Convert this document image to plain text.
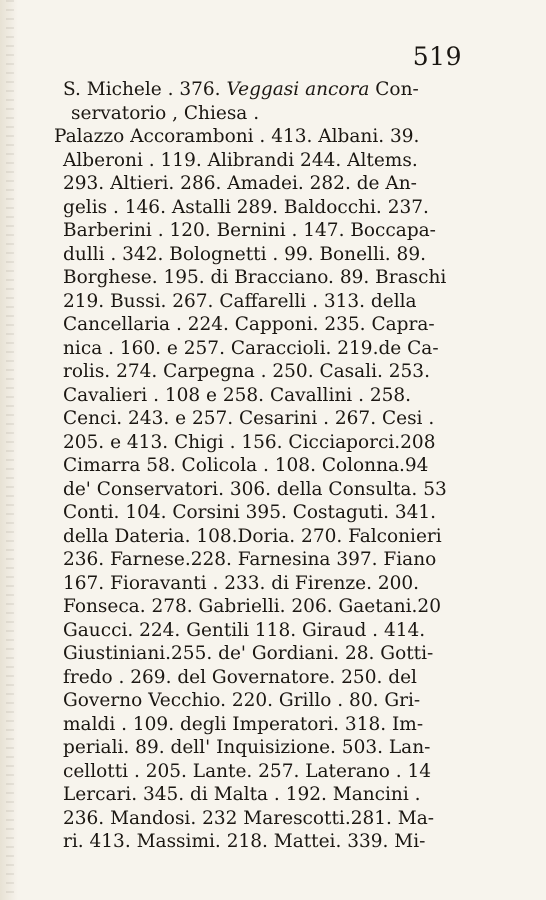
519
S. Michele . 376. Veggasi ancora Con-
servatorio , Chiesa .
Palazzo Accoramboni . 413. Albani. 39.
Alberoni . 119. Alibrandi 244. Altems.
293. Altieri. 286. Amadei. 282. de An-
gelis . 146. Astalli 289. Baldocchi. 237.
Barberini . 120. Bernini . 147. Boccapa-
dulli . 342. Bolognetti . 99. Bonelli. 89.
Borghese. 195. di Bracciano. 89. Braschi
219. Bussi. 267. Caffarelli . 313. della
Cancellaria . 224. Capponi. 235. Capra-
nica . 160. e 257. Caraccioli. 219.de Ca-
rolis. 274. Carpegna . 250. Casali. 253.
Cavalieri . 108 e 258. Cavallini . 258.
Cenci. 243. e 257. Cesarini . 267. Cesi .
205. e 413. Chigi . 156. Cicciaporci.208
Cimarra 58. Colicola . 108. Colonna.94
de' Conservatori. 306. della Consulta. 53
Conti. 104. Corsini 395. Costaguti. 341.
della Dateria. 108.Doria. 270. Falconieri
236. Farnese.228. Farnesina 397. Fiano
167. Fioravanti . 233. di Firenze. 200.
Fonseca. 278. Gabrielli. 206. Gaetani.20
Gaucci. 224. Gentili 118. Giraud . 414.
Giustiniani.255. de' Gordiani. 28. Gotti-
fredo . 269. del Governatore. 250. del
Governo Vecchio. 220. Grillo . 80. Gri-
maldi . 109. degli Imperatori. 318. Im-
periali. 89. dell' Inquisizione. 503. Lan-
cellotti . 205. Lante. 257. Laterano . 14
Lercari. 345. di Malta . 192. Mancini .
236. Mandosi. 232 Marescotti.281. Ma-
ri. 413. Massimi. 218. Mattei. 339. Mi-
